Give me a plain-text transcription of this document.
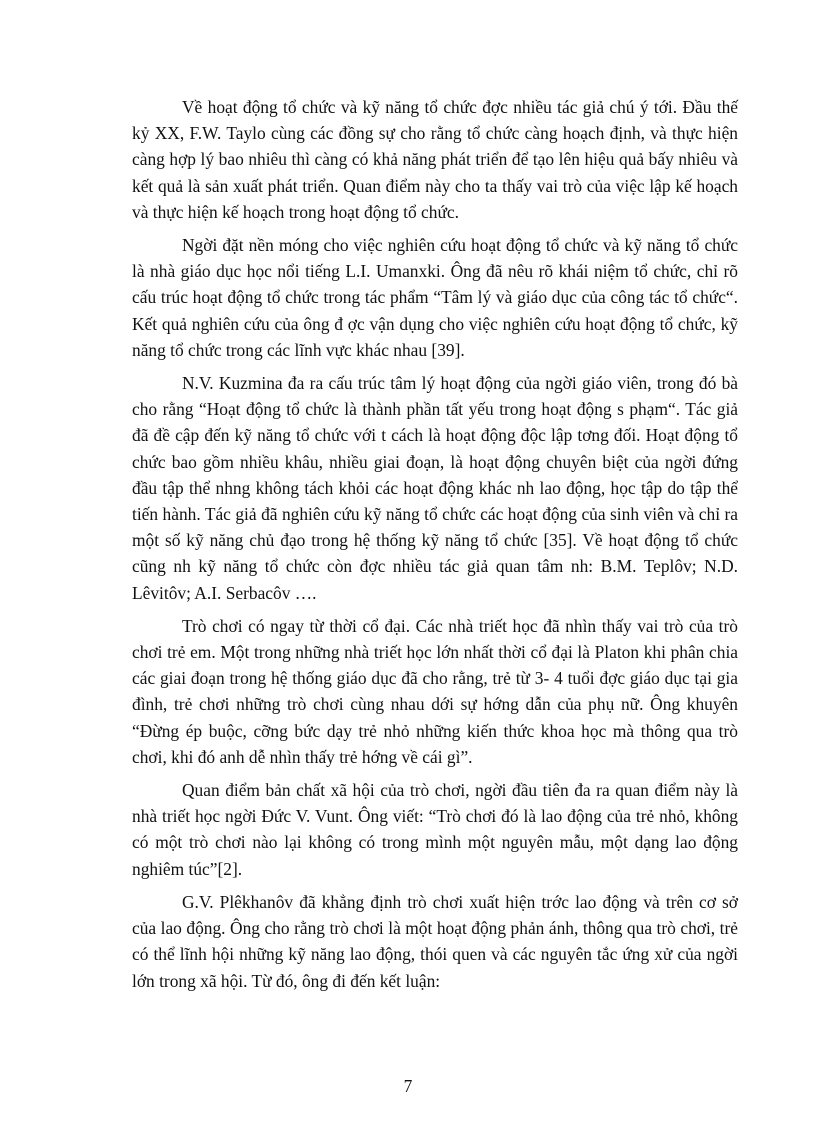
Về hoạt động tổ chức và kỹ năng tổ chức đợc nhiều tác giả chú ý tới. Đầu thế kỷ XX, F.W. Taylo cùng các đồng sự cho rằng tổ chức càng hoạch định, và thực hiện càng hợp lý bao nhiêu thì càng có khả năng phát triển để tạo lên hiệu quả bấy nhiêu và kết quả là sản xuất phát triển. Quan điểm này cho ta thấy vai trò của việc lập kế hoạch và thực hiện kế hoạch trong hoạt động tổ chức.

Ngời đặt nền móng cho việc nghiên cứu hoạt động tổ chức và kỹ năng tổ chức là nhà giáo dục học nổi tiếng L.I. Umanxki. Ông đã nêu rõ khái niệm tổ chức, chỉ rõ cấu trúc hoạt động tổ chức trong tác phẩm “Tâm lý và giáo dục của công tác tổ chức“. Kết quả nghiên cứu của ông đ ợc vận dụng cho việc nghiên cứu hoạt động tổ chức, kỹ năng tổ chức trong các lĩnh vực khác nhau [39].

N.V. Kuzmina đa ra cấu trúc tâm lý hoạt động của ngời giáo viên, trong đó bà cho rằng “Hoạt động tổ chức là thành phần tất yếu trong hoạt động s phạm“. Tác giả đã đề cập đến kỹ năng tổ chức với t cách là hoạt động độc lập tơng đối. Hoạt động tổ chức bao gồm nhiều khâu, nhiều giai đoạn, là hoạt động chuyên biệt của ngời đứng đầu tập thể nhng không tách khỏi các hoạt động khác nh lao động, học tập do tập thể tiến hành. Tác giả đã nghiên cứu kỹ năng tổ chức các hoạt động của sinh viên và chỉ ra một số kỹ năng chủ đạo trong hệ thống kỹ năng tổ chức [35]. Về hoạt động tổ chức cũng nh kỹ năng tổ chức còn đợc nhiều tác giả quan tâm nh: B.M. Teplôv; N.D. Lêvitôv; A.I. Serbacôv ….

Trò chơi có ngay từ thời cổ đại. Các nhà triết học đã nhìn thấy vai trò của trò chơi trẻ em. Một trong những nhà triết học lớn nhất thời cổ đại là Platon khi phân chia các giai đoạn trong hệ thống giáo dục đã cho rằng, trẻ từ 3- 4 tuổi đợc giáo dục tại gia đình, trẻ chơi những trò chơi cùng nhau dới sự hớng dẫn của phụ nữ. Ông khuyên “Đừng ép buộc, cỡng bức dạy trẻ nhỏ những kiến thức khoa học mà thông qua trò chơi, khi đó anh dễ nhìn thấy trẻ hớng về cái gì”.

Quan điểm bản chất xã hội của trò chơi, ngời đầu tiên đa ra quan điểm này là nhà triết học ngời Đức V. Vunt. Ông viết: “Trò chơi đó là lao động của trẻ nhỏ, không có một trò chơi nào lại không có trong mình một nguyên mẫu, một dạng lao động nghiêm túc”[2].

G.V. Plêkhanôv đã khẳng định trò chơi xuất hiện trớc lao động và trên cơ sở của lao động. Ông cho rằng trò chơi là một hoạt động phản ánh, thông qua trò chơi, trẻ có thể lĩnh hội những kỹ năng lao động, thói quen và các nguyên tắc ứng xử của ngời lớn trong xã hội. Từ đó, ông đi đến kết luận:

7
